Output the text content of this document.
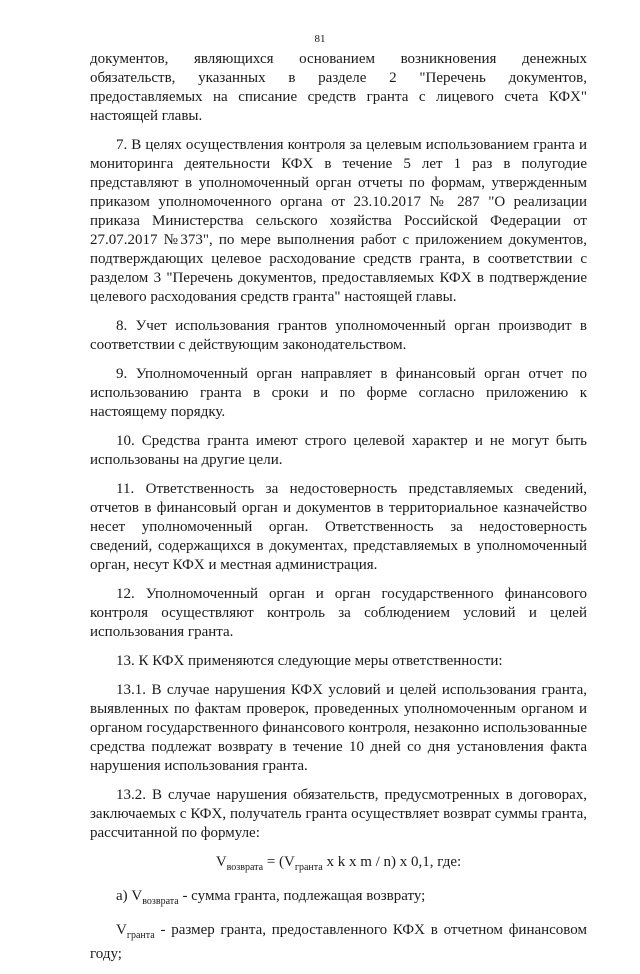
81

документов, являющихся основанием возникновения денежных обязательств, указанных в разделе 2 "Перечень документов, предоставляемых на списание средств гранта с лицевого счета КФХ" настоящей главы.

7. В целях осуществления контроля за целевым использованием гранта и мониторинга деятельности КФХ в течение 5 лет 1 раз в полугодие представляют в уполномоченный орган отчеты по формам, утвержденным приказом уполномоченного органа от 23.10.2017 № 287 "О реализации приказа Министерства сельского хозяйства Российской Федерации от 27.07.2017 №373", по мере выполнения работ с приложением документов, подтверждающих целевое расходование средств гранта, в соответствии с разделом 3 "Перечень документов, предоставляемых КФХ в подтверждение целевого расходования средств гранта" настоящей главы.

8. Учет использования грантов уполномоченный орган производит в соответствии с действующим законодательством.

9. Уполномоченный орган направляет в финансовый орган отчет по использованию гранта в сроки и по форме согласно приложению к настоящему порядку.

10. Средства гранта имеют строго целевой характер и не могут быть использованы на другие цели.

11. Ответственность за недостоверность представляемых сведений, отчетов в финансовый орган и документов в территориальное казначейство несет уполномоченный орган. Ответственность за недостоверность сведений, содержащихся в документах, представляемых в уполномоченный орган, несут КФХ и местная администрация.

12. Уполномоченный орган и орган государственного финансового контроля осуществляют контроль за соблюдением условий и целей использования гранта.

13. К КФХ применяются следующие меры ответственности:

13.1. В случае нарушения КФХ условий и целей использования гранта, выявленных по фактам проверок, проведенных уполномоченным органом и органом государственного финансового контроля, незаконно использованные средства подлежат возврату в течение 10 дней со дня установления факта нарушения использования гранта.

13.2. В случае нарушения обязательств, предусмотренных в договорах, заключаемых с КФХ, получатель гранта осуществляет возврат суммы гранта, рассчитанной по формуле:

$V_{возврата} = (V_{гранта}$ x k x m / n) x 0,1, где:

а) $V_{возврата}$ - сумма гранта, подлежащая возврату;

$V_{гранта}$ - размер гранта, предоставленного КФХ в отчетном финансовом году;
